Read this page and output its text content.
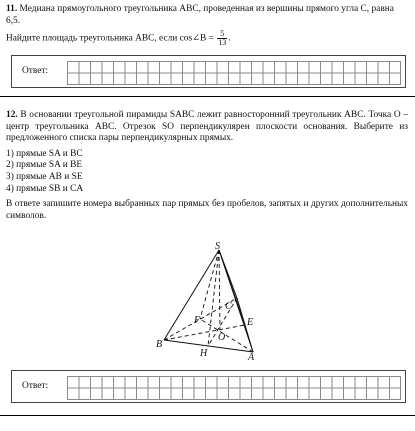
11. Медиана прямоугольного треугольника ABC, проведенная из вершины прямого угла C, равна 6,5.

Найдите площадь треугольника ABC, если cos∠B = $\frac{5}{13}$ .

Ответ:

12. В основании треугольной пирамиды SABC лежит равносторонний треугольник ABC. Точка O – центр треугольника ABC. Отрезок SO перпендикулярен плоскости основания. Выберите из предложенного списка пары перпендикулярных прямых.

1) прямые SA и BC

2) прямые SA и BE

3) прямые AB и SE

4) прямые SB и CA

В ответе запишите номера выбранных пар прямых без пробелов, запятых и других дополнительных символов.

S
C
F	E
O
B
H	A
Ответ:
